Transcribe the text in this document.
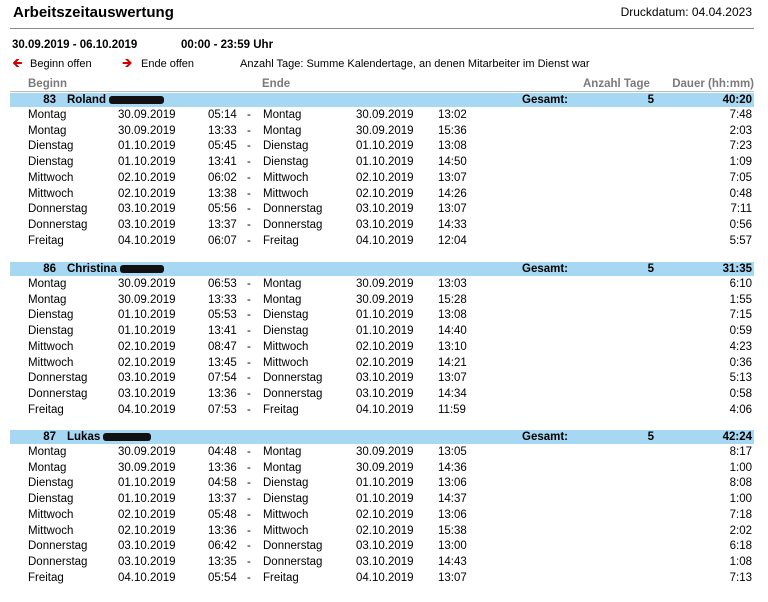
Arbeitszeitauswertung	Druckdatum: 04.04.2023
30.09.2019 - 06.10.2019	00:00 - 23:59 Uhr
🡸 Beginn offen 🡺 Ende offen	Anzahl Tage: Summe Kalendertage, an denen Mitarbeiter im Dienst war
Beginn	Ende	Anzahl Tage Dauer (hh:mm)
83 Roland	Gesamt:	5	40:20
Montag	30.09.2019	05:14 -	Montag	30.09.2019	13:02	7:48
Montag	30.09.2019	13:33 -	Montag	30.09.2019	15:36	2:03
Dienstag	01.10.2019	05:45 -	Dienstag	01.10.2019	13:08	7:23
Dienstag	01.10.2019	13:41 -	Dienstag	01.10.2019	14:50	1:09
Mittwoch	02.10.2019	06:02 -	Mittwoch	02.10.2019	13:07	7:05
Mittwoch	02.10.2019	13:38 -	Mittwoch	02.10.2019	14:26	0:48
Donnerstag	03.10.2019	05:56 -	Donnerstag	03.10.2019	13:07	7:11
Donnerstag	03.10.2019	13:37 -	Donnerstag	03.10.2019	14:33	0:56
Freitag	04.10.2019	06:07 -	Freitag	04.10.2019	12:04	5:57
86 Christina	Gesamt:	5	31:35
Montag	30.09.2019	06:53 -	Montag	30.09.2019	13:03	6:10
Montag	30.09.2019	13:33 -	Montag	30.09.2019	15:28	1:55
Dienstag	01.10.2019	05:53 -	Dienstag	01.10.2019	13:08	7:15
Dienstag	01.10.2019	13:41 -	Dienstag	01.10.2019	14:40	0:59
Mittwoch	02.10.2019	08:47 -	Mittwoch	02.10.2019	13:10	4:23
Mittwoch	02.10.2019	13:45 -	Mittwoch	02.10.2019	14:21	0:36
Donnerstag	03.10.2019	07:54 -	Donnerstag	03.10.2019	13:07	5:13
Donnerstag	03.10.2019	13:36 -	Donnerstag	03.10.2019	14:34	0:58
Freitag	04.10.2019	07:53 -	Freitag	04.10.2019	11:59	4:06
87 Lukas	Gesamt:	5	42:24
Montag	30.09.2019	04:48 -	Montag	30.09.2019	13:05	8:17
Montag	30.09.2019	13:36 -	Montag	30.09.2019	14:36	1:00
Dienstag	01.10.2019	04:58 -	Dienstag	01.10.2019	13:06	8:08
Dienstag	01.10.2019	13:37 -	Dienstag	01.10.2019	14:37	1:00
Mittwoch	02.10.2019	05:48 -	Mittwoch	02.10.2019	13:06	7:18
Mittwoch	02.10.2019	13:36 -	Mittwoch	02.10.2019	15:38	2:02
Donnerstag	03.10.2019	06:42 -	Donnerstag	03.10.2019	13:00	6:18
Donnerstag	03.10.2019	13:35 -	Donnerstag	03.10.2019	14:43	1:08
Freitag	04.10.2019	05:54 -	Freitag	04.10.2019	13:07	7:13
